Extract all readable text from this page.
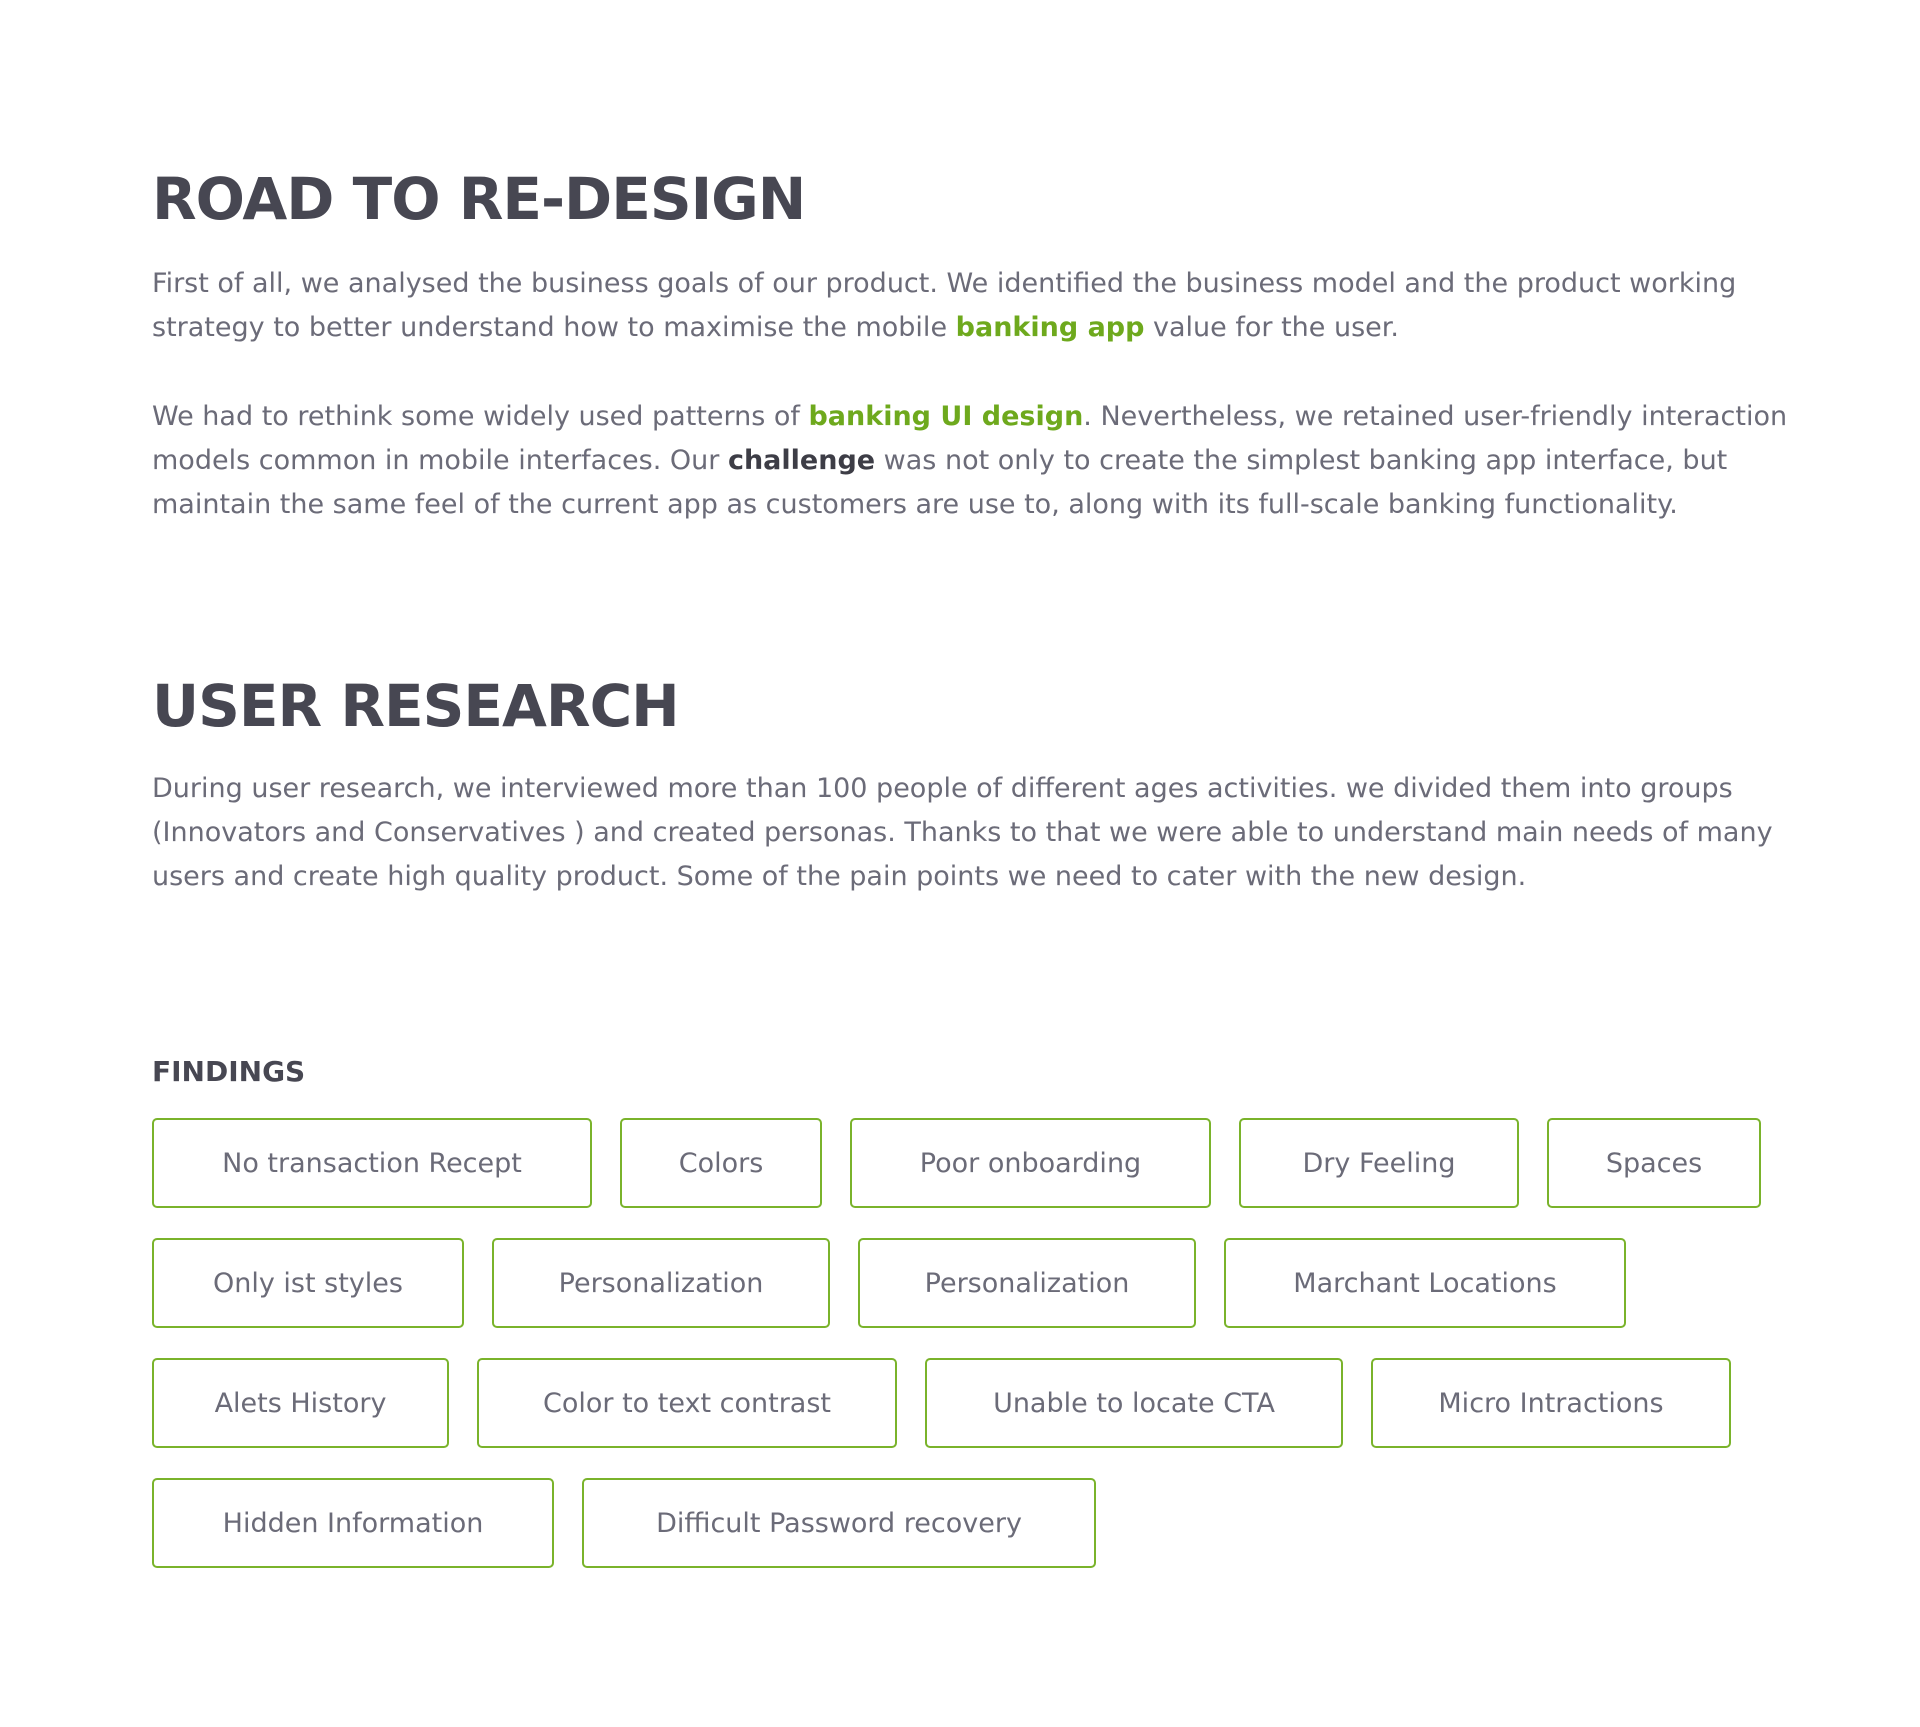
ROAD TO RE-DESIGN

First of all, we analysed the business goals of our product. We identified the business model and the product working strategy to better understand how to maximise the mobile banking app value for the user.

We had to rethink some widely used patterns of banking UI design. Nevertheless, we retained user-friendly interaction models common in mobile interfaces. Our challenge was not only to create the simplest banking app interface, but maintain the same feel of the current app as customers are use to, along with its full-scale banking functionality.

USER RESEARCH

During user research, we interviewed more than 100 people of different ages activities. we divided them into groups (Innovators and Conservatives ) and created personas. Thanks to that we were able to understand main needs of many users and create high quality product. Some of the pain points we need to cater with the new design.

FINDINGS
No transaction Recept	Colors	Poor onboarding	Dry Feeling	Spaces
Only ist styles	Personalization	Personalization	Marchant Locations
Alets History	Color to text contrast	Unable to locate CTA	Micro Intractions
Hidden Information	Difficult Password recovery
